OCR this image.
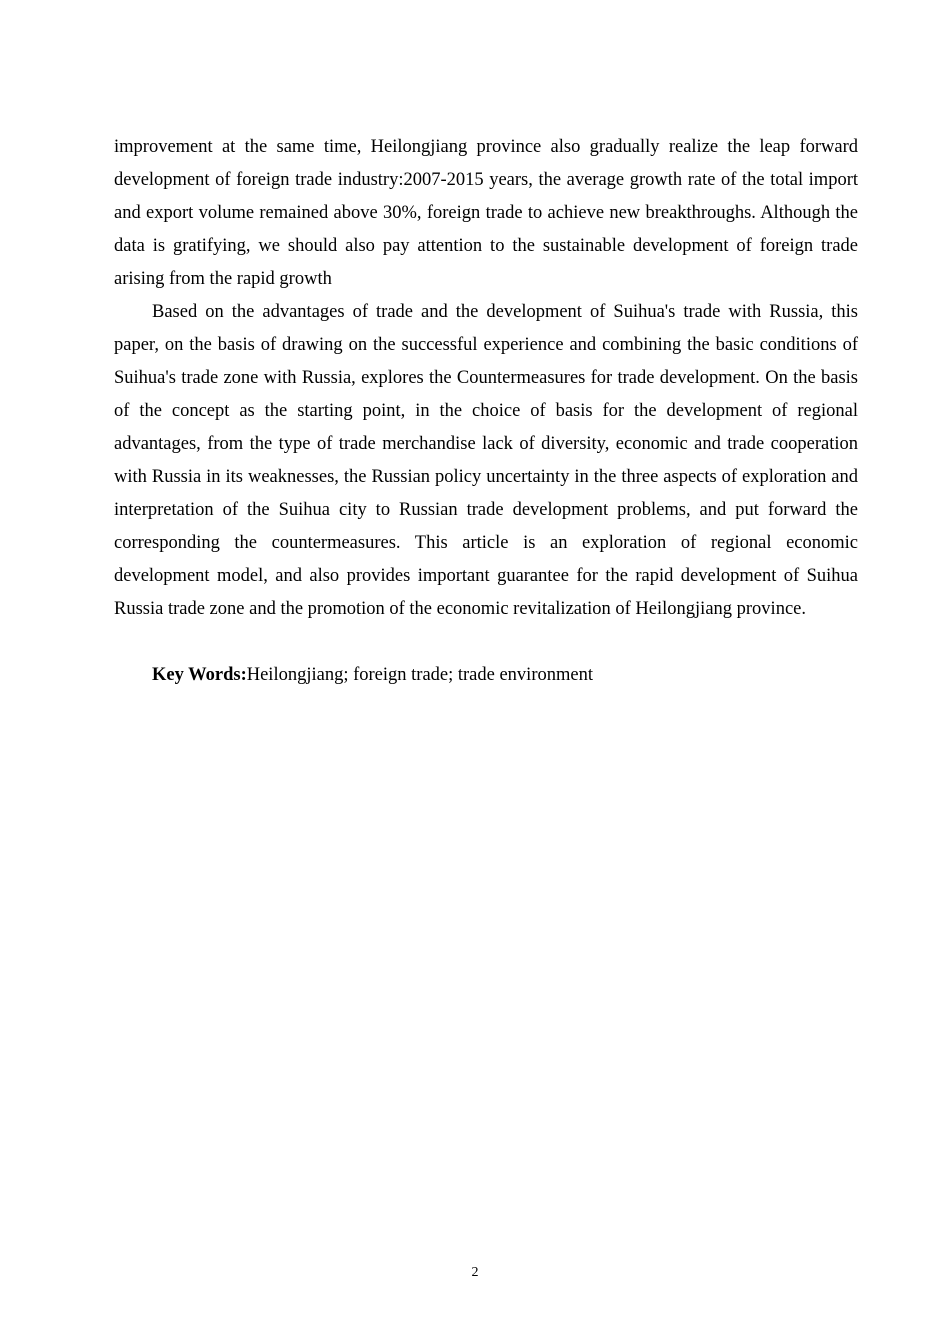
improvement at the same time, Heilongjiang province also gradually realize the leap forward development of foreign trade industry:2007-2015 years, the average growth rate of the total import and export volume remained above 30%, foreign trade to achieve new breakthroughs. Although the data is gratifying, we should also pay attention to the sustainable development of foreign trade arising from the rapid growth

Based on the advantages of trade and the development of Suihua's trade with Russia, this paper, on the basis of drawing on the successful experience and combining the basic conditions of Suihua's trade zone with Russia, explores the Countermeasures for trade development. On the basis of the concept as the starting point, in the choice of basis for the development of regional advantages, from the type of trade merchandise lack of diversity, economic and trade cooperation with Russia in its weaknesses, the Russian policy uncertainty in the three aspects of exploration and interpretation of the Suihua city to Russian trade development problems, and put forward the corresponding the countermeasures. This article is an exploration of regional economic development model, and also provides important guarantee for the rapid development of Suihua Russia trade zone and the promotion of the economic revitalization of Heilongjiang province.

Key Words:Heilongjiang; foreign trade; trade environment

2
